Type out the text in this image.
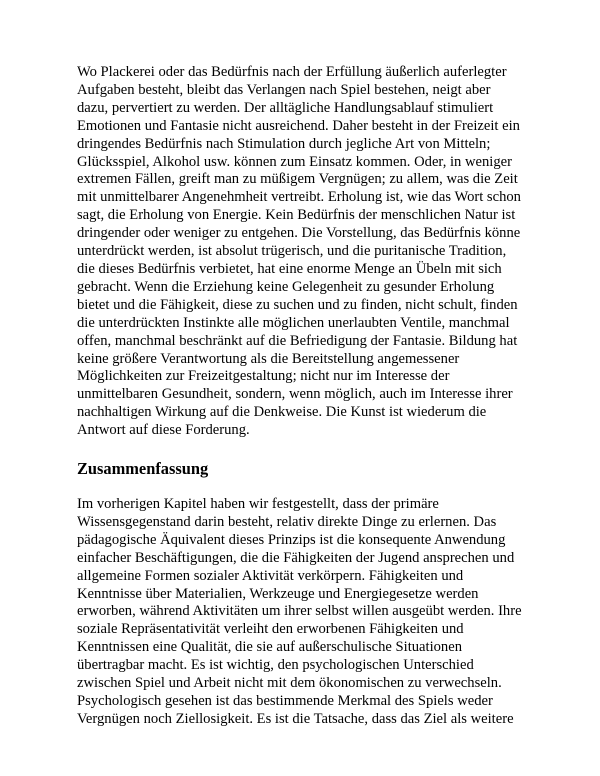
Wo Plackerei oder das Bedürfnis nach der Erfüllung äußerlich auferlegter
Aufgaben besteht, bleibt das Verlangen nach Spiel bestehen, neigt aber
dazu, pervertiert zu werden. Der alltägliche Handlungsablauf stimuliert
Emotionen und Fantasie nicht ausreichend. Daher besteht in der Freizeit ein
dringendes Bedürfnis nach Stimulation durch jegliche Art von Mitteln;
Glücksspiel, Alkohol usw. können zum Einsatz kommen. Oder, in weniger
extremen Fällen, greift man zu müßigem Vergnügen; zu allem, was die Zeit
mit unmittelbarer Angenehmheit vertreibt. Erholung ist, wie das Wort schon
sagt, die Erholung von Energie. Kein Bedürfnis der menschlichen Natur ist
dringender oder weniger zu entgehen. Die Vorstellung, das Bedürfnis könne
unterdrückt werden, ist absolut trügerisch, und die puritanische Tradition,
die dieses Bedürfnis verbietet, hat eine enorme Menge an Übeln mit sich
gebracht. Wenn die Erziehung keine Gelegenheit zu gesunder Erholung
bietet und die Fähigkeit, diese zu suchen und zu finden, nicht schult, finden
die unterdrückten Instinkte alle möglichen unerlaubten Ventile, manchmal
offen, manchmal beschränkt auf die Befriedigung der Fantasie. Bildung hat
keine größere Verantwortung als die Bereitstellung angemessener
Möglichkeiten zur Freizeitgestaltung; nicht nur im Interesse der
unmittelbaren Gesundheit, sondern, wenn möglich, auch im Interesse ihrer
nachhaltigen Wirkung auf die Denkweise. Die Kunst ist wiederum die
Antwort auf diese Forderung.

Zusammenfassung

Im vorherigen Kapitel haben wir festgestellt, dass der primäre
Wissensgegenstand darin besteht, relativ direkte Dinge zu erlernen. Das
pädagogische Äquivalent dieses Prinzips ist die konsequente Anwendung
einfacher Beschäftigungen, die die Fähigkeiten der Jugend ansprechen und
allgemeine Formen sozialer Aktivität verkörpern. Fähigkeiten und
Kenntnisse über Materialien, Werkzeuge und Energiegesetze werden
erworben, während Aktivitäten um ihrer selbst willen ausgeübt werden. Ihre
soziale Repräsentativität verleiht den erworbenen Fähigkeiten und
Kenntnissen eine Qualität, die sie auf außerschulische Situationen
übertragbar macht. Es ist wichtig, den psychologischen Unterschied
zwischen Spiel und Arbeit nicht mit dem ökonomischen zu verwechseln.
Psychologisch gesehen ist das bestimmende Merkmal des Spiels weder
Vergnügen noch Ziellosigkeit. Es ist die Tatsache, dass das Ziel als weitere
